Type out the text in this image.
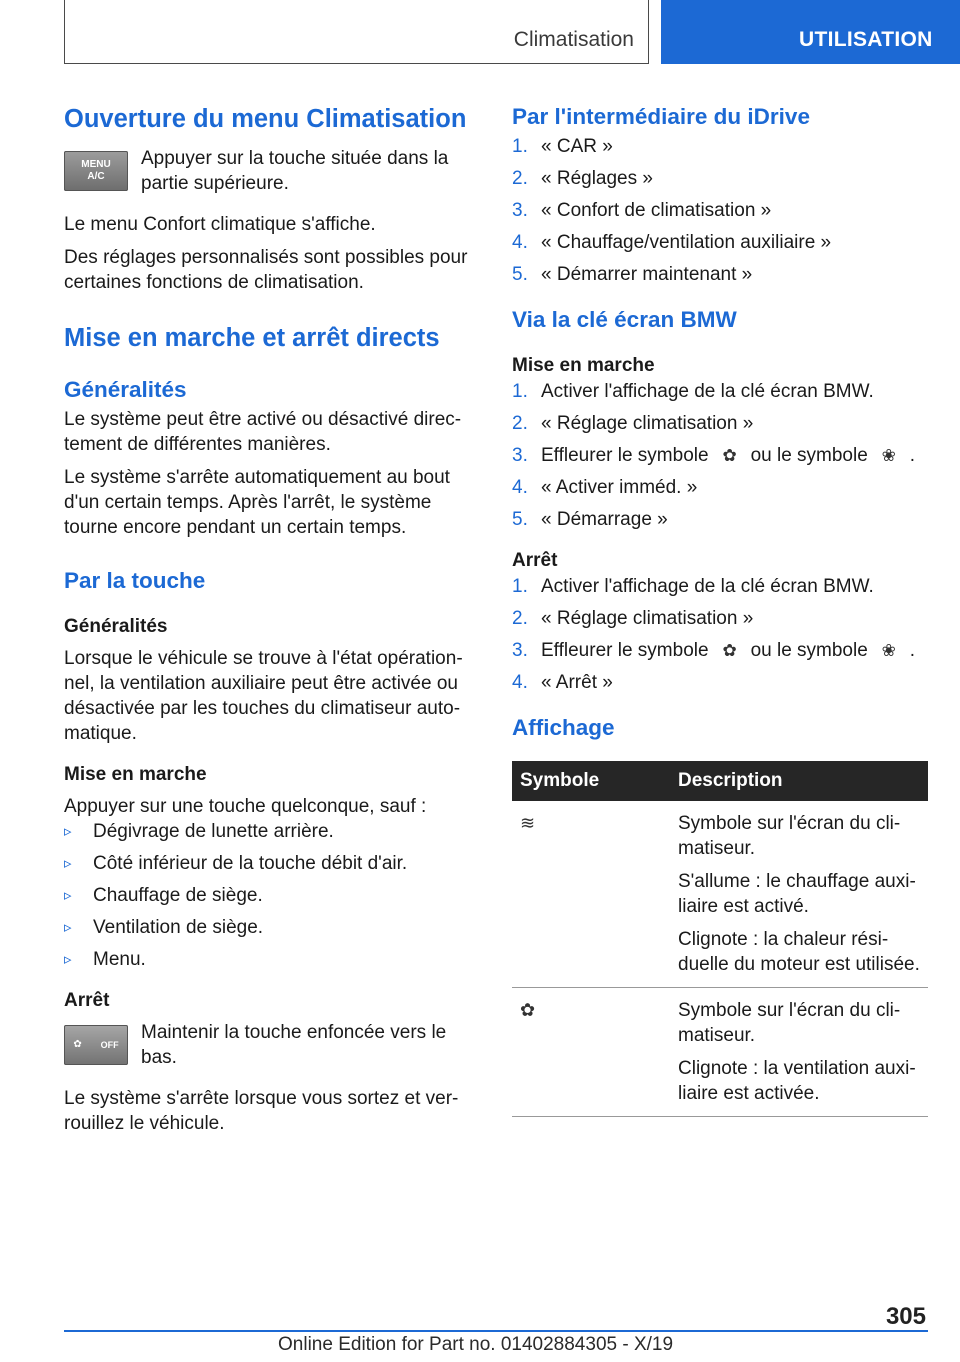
Climatisation	UTILISATION
Ouverture du menu Climatisation
MENU
A/C

Appuyer sur la touche située dans la partie supérieure.

Le menu Confort climatique s'affiche.

Des réglages personnalisés sont possibles pour certaines fonctions de climatisation.

Mise en marche et arrêt directs
Généralités

Le système peut être activé ou désactivé directement de différentes manières.

Le système s'arrête automatiquement au bout d'un certain temps. Après l'arrêt, le système tourne encore pendant un certain temps.

Par la touche
Généralités

Lorsque le véhicule se trouve à l'état opérationnel, la ventilation auxiliaire peut être activée ou désactivée par les touches du climatiseur automatique.

Mise en marche

Appuyer sur une touche quelconque, sauf :

▹	Dégivrage de lunette arrière.
▹	Côté inférieur de la touche débit d'air.
▹	Chauffage de siège.
▹	Ventilation de siège.
▹	Menu.
Arrêt
✿ OFF

Maintenir la touche enfoncée vers le bas.

Le système s'arrête lorsque vous sortez et verrouillez le véhicule.

Par l'intermédiaire du iDrive
1. « CAR »
2. « Réglages »
3. « Confort de climatisation »
4. « Chauffage/ventilation auxiliaire »
5. « Démarrer maintenant »
Via la clé écran BMW
Mise en marche
1. Activer l'affichage de la clé écran BMW.
2. « Réglage climatisation »
3. Effleurer le symbole ✿ ou le symbole ❀ .
4. « Activer imméd. »
5. « Démarrage »
Arrêt
1. Activer l'affichage de la clé écran BMW.
2. « Réglage climatisation »
3. Effleurer le symbole ✿ ou le symbole ❀ .
4. « Arrêt »
Affichage
Symbole	Description
≋	Symbole sur l'écran du climatiseur.

S'allume : le chauffage auxiliaire est activé.

Clignote : la chaleur résiduelle du moteur est utilisée.

✿	Symbole sur l'écran du climatiseur.

Clignote : la ventilation auxiliaire est activée.

305
Online Edition for Part no. 01402884305 - X/19
